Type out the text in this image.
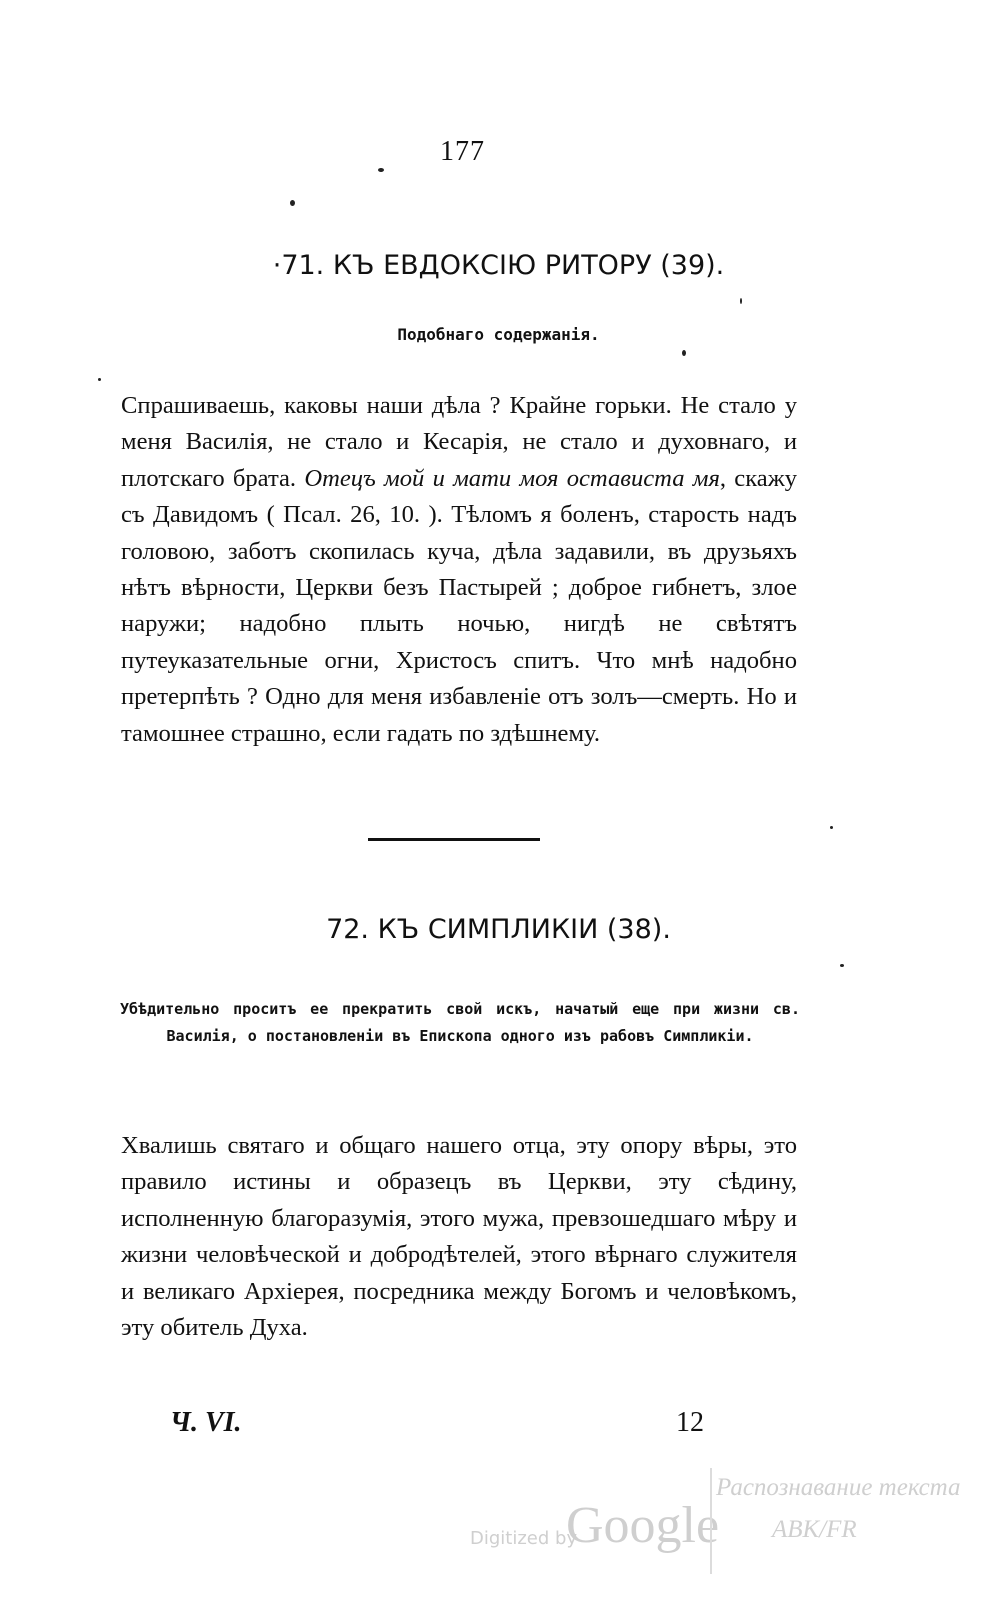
177
·71. КЪ ЕВДОКСІЮ РИТОРУ (39).
Подобнаго содержанія.
Спрашиваешь, каковы наши дѣла ? Крайне горьки. Не стало у меня Василія, не стало и Кесарія, не стало и духовнаго, и плотскаго брата. Отецъ мой и мати моя остависта мя, скажу съ Давидомъ ( Псал. 26, 10. ). Тѣломъ я боленъ, старость надъ головою, заботъ скопилась куча, дѣла задавили, въ друзьяхъ нѣтъ вѣрности, Церкви безъ Пастырей ; доброе гибнетъ, злое наружи; надобно плыть ночью, нигдѣ не свѣтятъ путеуказательные огни, Христосъ спитъ. Что мнѣ надобно претерпѣть ? Одно для меня избавленіе отъ золъ—смерть. Но и тамошнее страшно, если гадать по здѣшнему.
72. КЪ СИМПЛИКІИ (38).
Убѣдительно проситъ ее прекратить свой искъ, начатый еще при жизни св. Василія, о постановленіи въ Епископа одного изъ рабовъ Симпликіи.
Хвалишь святаго и общаго нашего отца, эту опору вѣры, это правило истины и образецъ въ Церкви, эту сѣдину, исполненную благоразумія, этого мужа, превзошедшаго мѣру и жизни человѣческой и добродѣтелей, этого вѣрнаго служителя и великаго Архіерея, посредника между Богомъ и человѣкомъ, эту обитель Духа.
Ч. VI.	12
Digitized by
Google
Распознавание текста
ABK/FR
